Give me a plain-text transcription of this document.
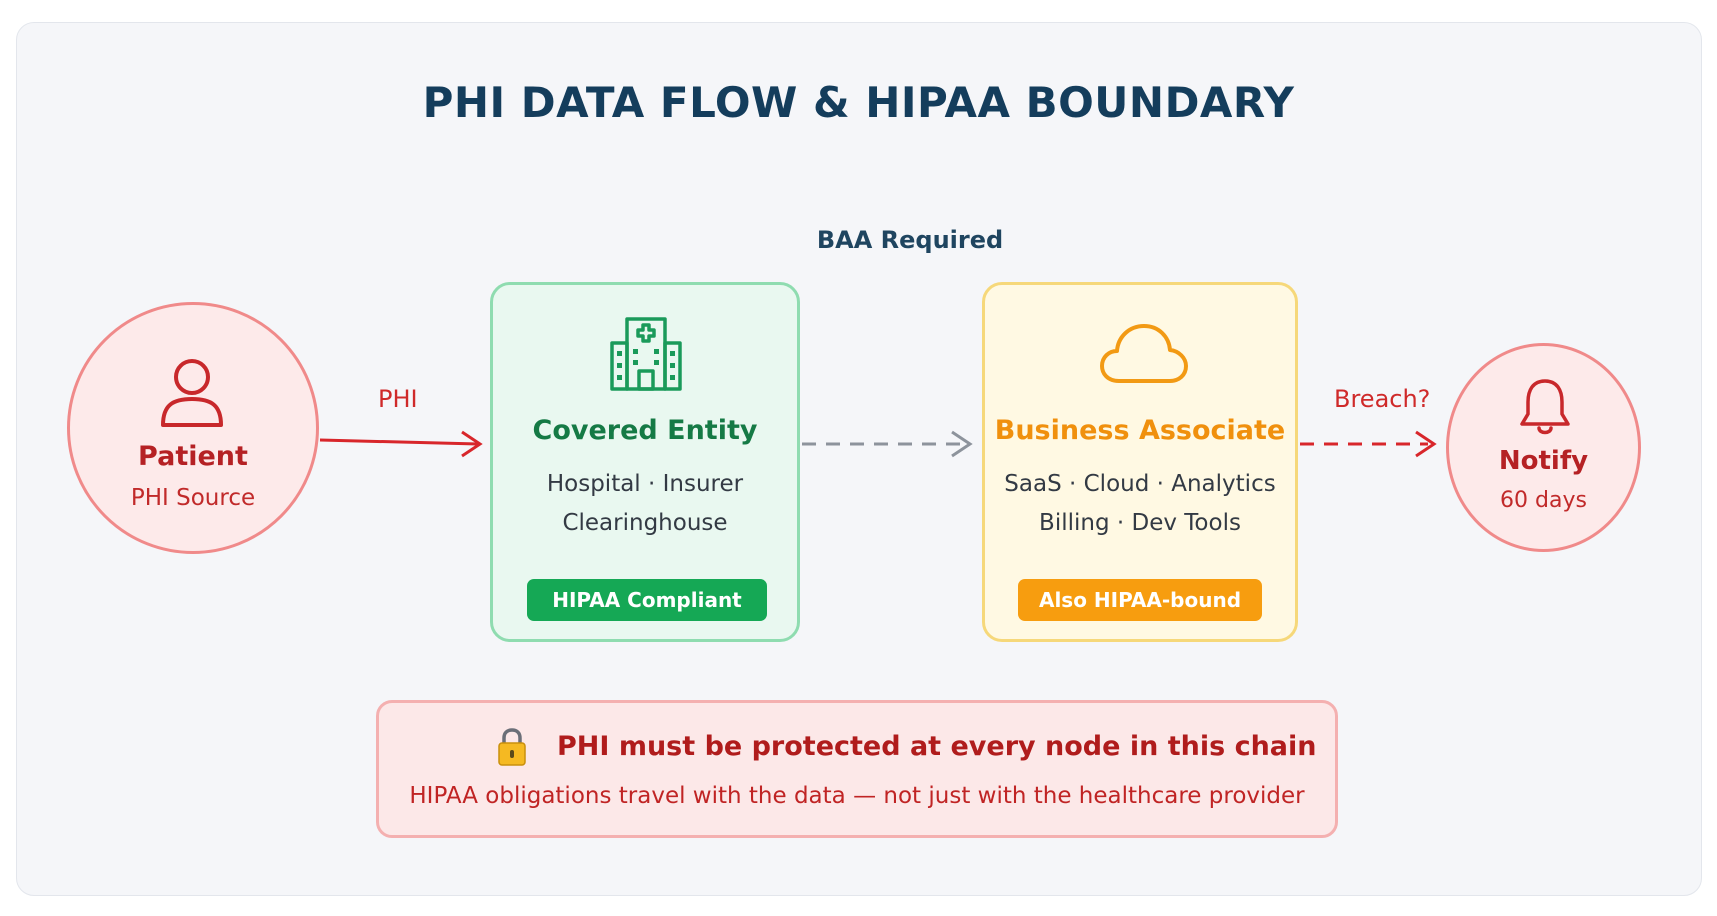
PHI DATA FLOW & HIPAA BOUNDARY
BAA Required
PHI	Breach?
Patient
PHI Source
Covered Entity
Hospital · Insurer
Clearinghouse
HIPAA Compliant
Business Associate
SaaS · Cloud · Analytics
Billing · Dev Tools
Also HIPAA-bound
Notify
60 days
PHI must be protected at every node in this chain
HIPAA obligations travel with the data — not just with the healthcare provider
